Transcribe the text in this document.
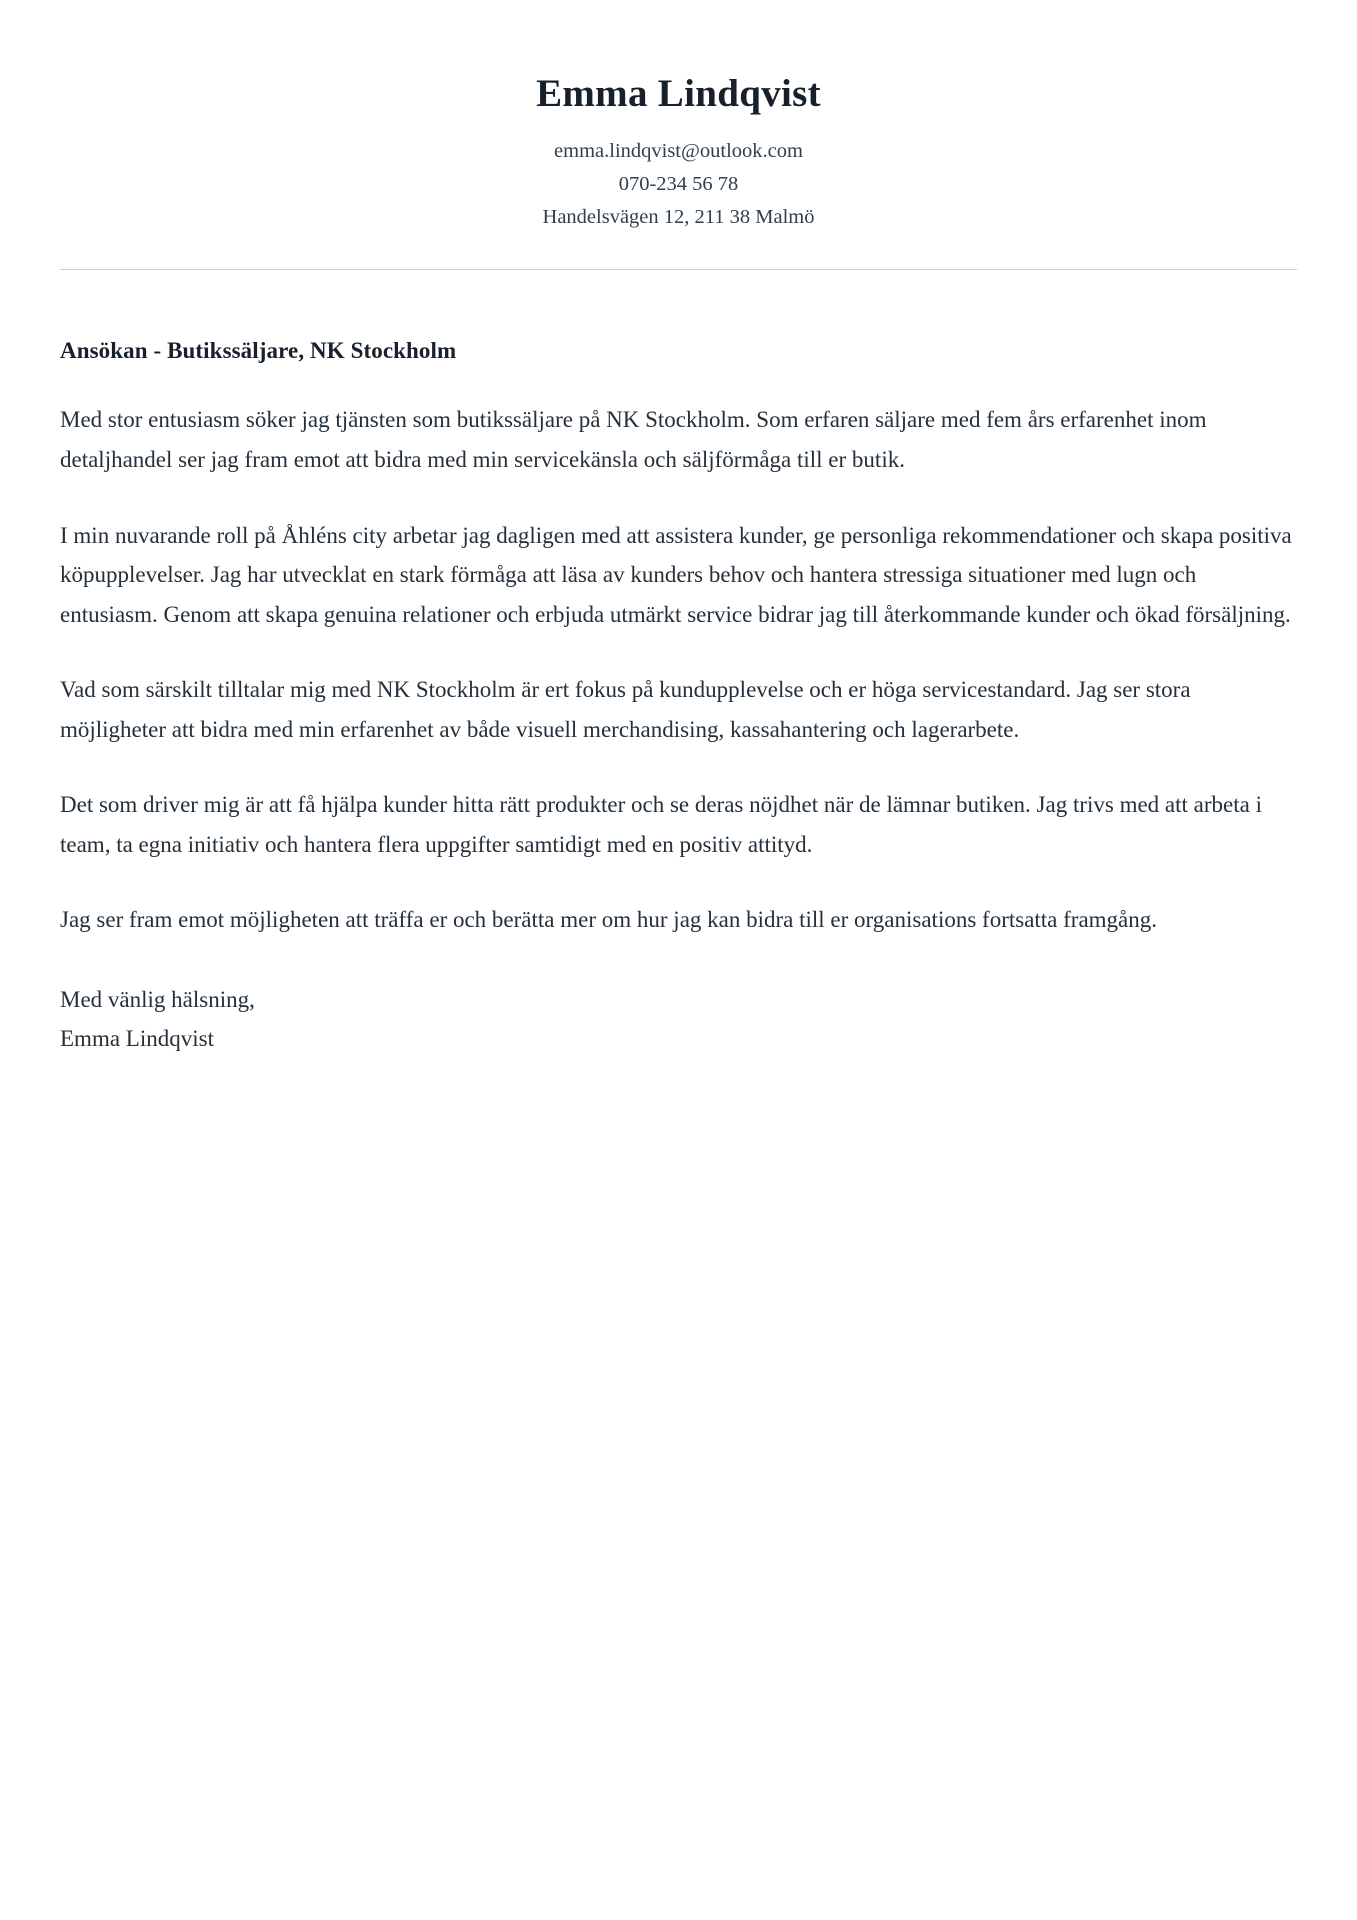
Emma Lindqvist

emma.lindqvist@outlook.com

070-234 56 78

Handelsvägen 12, 211 38 Malmö

Ansökan - Butikssäljare, NK Stockholm

Med stor entusiasm söker jag tjänsten som butikssäljare på NK Stockholm. Som erfaren säljare med fem års erfarenhet inom detaljhandel ser jag fram emot att bidra med min servicekänsla och säljförmåga till er butik.

I min nuvarande roll på Åhléns city arbetar jag dagligen med att assistera kunder, ge personliga rekommendationer och skapa positiva köpupplevelser. Jag har utvecklat en stark förmåga att läsa av kunders behov och hantera stressiga situationer med lugn och entusiasm. Genom att skapa genuina relationer och erbjuda utmärkt service bidrar jag till återkommande kunder och ökad försäljning.

Vad som särskilt tilltalar mig med NK Stockholm är ert fokus på kundupplevelse och er höga servicestandard. Jag ser stora möjligheter att bidra med min erfarenhet av både visuell merchandising, kassahantering och lagerarbete.

Det som driver mig är att få hjälpa kunder hitta rätt produkter och se deras nöjdhet när de lämnar butiken. Jag trivs med att arbeta i team, ta egna initiativ och hantera flera uppgifter samtidigt med en positiv attityd.

Jag ser fram emot möjligheten att träffa er och berätta mer om hur jag kan bidra till er organisations fortsatta framgång.

Med vänlig hälsning,
Emma Lindqvist
